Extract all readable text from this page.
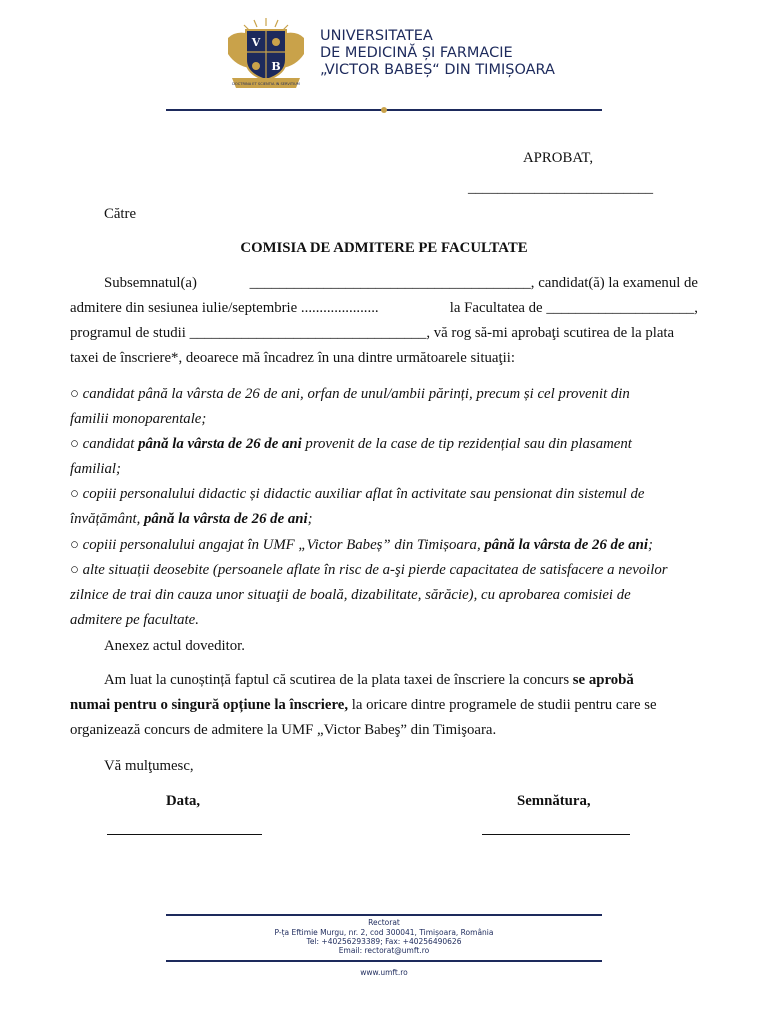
V
B
DOCTRINA ET SCIENTIA IN SERVITIUM
UNIVERSITATEA
DE MEDICINĂ ȘI FARMACIE
„VICTOR BABEȘ“ DIN TIMIȘOARA
APROBAT,
_________________________
Către
COMISIA DE ADMITERE PE FACULTATE
Subsemnatul(a)	______________________________________, candidat(ă) la examenul de
admitere din sesiunea iulie/septembrie .....................	la Facultatea de ____________________,
programul de studii ________________________________, vă rog să-mi aprobaţi scutirea de la plata
taxei de înscriere*, deoarece mă încadrez în una dintre următoarele situaţii:
○ candidat până la vârsta de 26 de ani, orfan de unul/ambii părinți, precum și cel provenit din
familii monoparentale;
○ candidat până la vârsta de 26 de ani provenit de la case de tip rezidențial sau din plasament
familial;
○ copiii personalului didactic și didactic auxiliar aflat în activitate sau pensionat din sistemul de
învățământ, până la vârsta de 26 de ani;
○ copiii personalului angajat în UMF „Victor Babeș” din Timișoara, până la vârsta de 26 de ani;
○ alte situații deosebite (persoanele aflate în risc de a-şi pierde capacitatea de satisfacere a nevoilor
zilnice de trai din cauza unor situaţii de boală, dizabilitate, sărăcie), cu aprobarea comisiei de
admitere pe facultate.
Anexez actul doveditor.
Am luat la cunoștință faptul că scutirea de la plata taxei de înscriere la concurs se aprobă
numai pentru o singură opțiune la înscriere, la oricare dintre programele de studii pentru care se
organizează concurs de admitere la UMF „Victor Babeş” din Timişoara.
Vă mulţumesc,
Data,	Semnătura,
Rectorat
P-ța Eftimie Murgu, nr. 2, cod 300041, Timișoara, România
Tel: +40256293389; Fax: +40256490626
Email: rectorat@umft.ro
www.umft.ro
